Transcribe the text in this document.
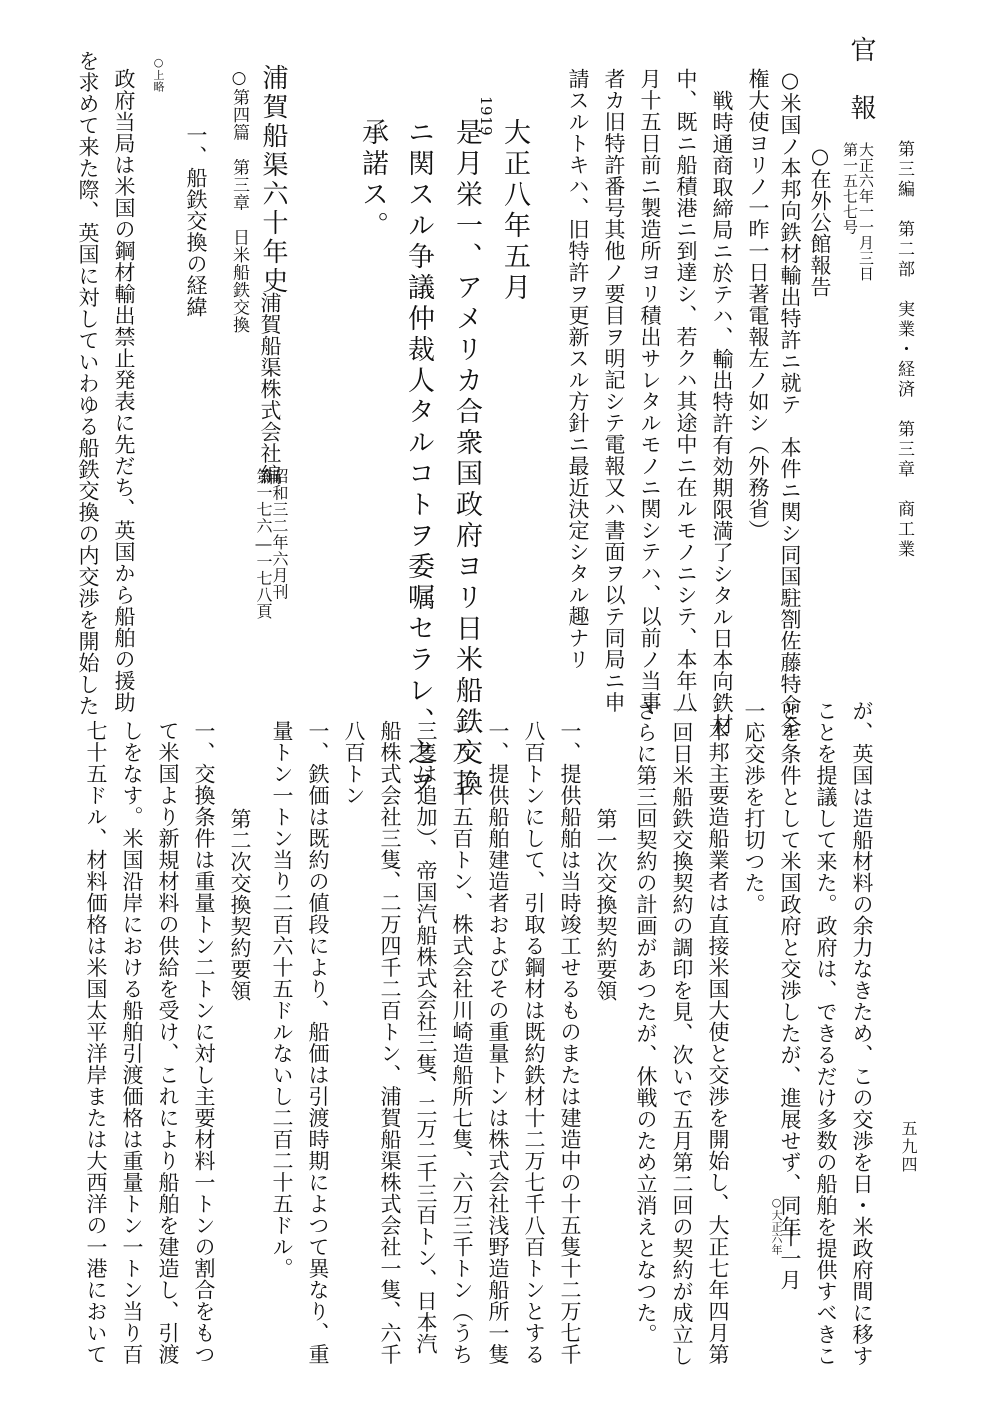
第三編　第二部　実業・経済　第三章　商工業
五九四
官　報
第一五七七号
大正六年一一月三日
○在外公館報告
○米国ノ本邦向鉄材輸出特許ニ就テ　本件ニ関シ同国駐劄佐藤特命全
権大使ヨリノ一昨一日著電報左ノ如シ（外務省）
戦時通商取締局ニ於テハ、輸出特許有効期限満了シタル日本向鉄材
中、既ニ船積港ニ到達シ、若クハ其途中ニ在ルモノニシテ、本年八
月十五日前ニ製造所ヨリ積出サレタルモノニ関シテハ、以前ノ当事
者カ旧特許番号其他ノ要目ヲ明記シテ電報又ハ書面ヲ以テ同局ニ申
請スルトキハ、旧特許ヲ更新スル方針ニ最近決定シタル趣ナリ
1919
大正八年五月
是月栄一、アメリカ合衆国政府ヨリ日米船鉄交換
ニ関スル争議仲裁人タルコトヲ委嘱セラレ、之ヲ
承諾ス。
浦賀船渠六十年史
浦賀船渠株式会社編
第一七六―一七八頁
昭和三二年六月刊
○第四篇　第三章　日米船鉄交換
一、船鉄交換の経緯
○上略
政府当局は米国の鋼材輸出禁止発表に先だち、英国から船舶の援助
を求めて来た際、英国に対していわゆる船鉄交換の内交渉を開始した
が、英国は造船材料の余力なきため、この交渉を日・米政府間に移す
ことを提議して来た。政府は、できるだけ多数の船舶を提供すべきこ
とを条件として米国政府と交渉したが、進展せず、同年
○大正六年
十一月
一応交渉を打切つた。
本邦主要造船業者は直接米国大使と交渉を開始し、大正七年四月第
一回日米船鉄交換契約の調印を見、次いで五月第二回の契約が成立し
さらに第三回契約の計画があつたが、休戦のため立消えとなつた。
第一次交換契約要領
一、提供船舶は当時竣工せるものまたは建造中の十五隻十二万七千
八百トンにして、引取る鋼材は既約鉄材十二万七千八百トンとする
一、提供船舶建造者およびその重量トンは株式会社浅野造船所一隻
一万一千五百トン、株式会社川崎造船所七隻、六万三千トン（うち
三隻は追加）、帝国汽船株式会社三隻、二万二千三百トン、日本汽
船株式会社三隻、二万四千二百トン、浦賀船渠株式会社一隻、六千
八百トン
一、鉄価は既約の値段により、船価は引渡時期によつて異なり、重
量トン一トン当り二百六十五ドルないし二百二十五ドル。
第二次交換契約要領
一、交換条件は重量トン二トンに対し主要材料一トンの割合をもつ
て米国より新規材料の供給を受け、これにより船舶を建造し、引渡
しをなす。米国沿岸における船舶引渡価格は重量トン一トン当り百
七十五ドル、材料価格は米国太平洋岸または大西洋の一港において
